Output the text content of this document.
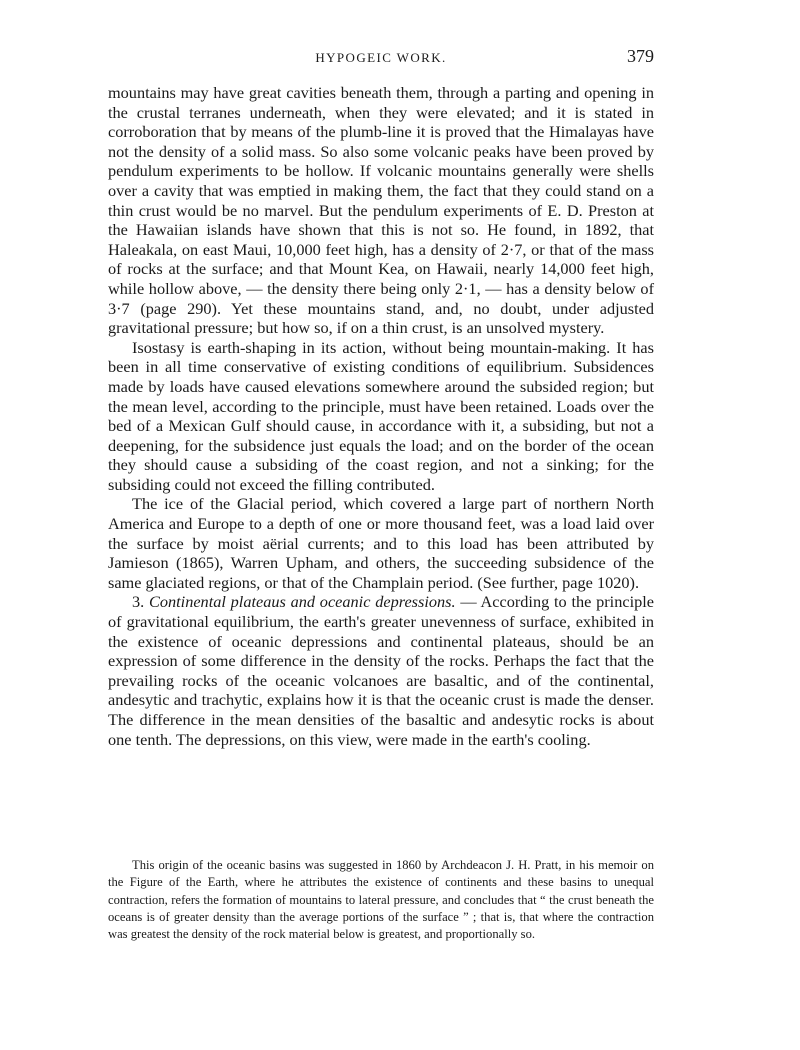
HYPOGEIC WORK.	379

mountains may have great cavities beneath them, through a parting and opening in the crustal terranes underneath, when they were elevated; and it is stated in corroboration that by means of the plumb-line it is proved that the Himalayas have not the density of a solid mass. So also some volcanic peaks have been proved by pendulum experiments to be hollow. If volcanic mountains generally were shells over a cavity that was emptied in making them, the fact that they could stand on a thin crust would be no marvel. But the pendulum experiments of E. D. Preston at the Hawaiian islands have shown that this is not so. He found, in 1892, that Haleakala, on east Maui, 10,000 feet high, has a density of 2·7, or that of the mass of rocks at the surface; and that Mount Kea, on Hawaii, nearly 14,000 feet high, while hollow above, — the density there being only 2·1, — has a density below of 3·7 (page 290). Yet these mountains stand, and, no doubt, under adjusted gravitational pressure; but how so, if on a thin crust, is an unsolved mystery.

Isostasy is earth-shaping in its action, without being mountain-making. It has been in all time conservative of existing conditions of equilibrium. Subsidences made by loads have caused elevations somewhere around the subsided region; but the mean level, according to the principle, must have been retained. Loads over the bed of a Mexican Gulf should cause, in accordance with it, a subsiding, but not a deepening, for the subsidence just equals the load; and on the border of the ocean they should cause a subsiding of the coast region, and not a sinking; for the subsiding could not exceed the filling contributed.

The ice of the Glacial period, which covered a large part of northern North America and Europe to a depth of one or more thousand feet, was a load laid over the surface by moist aërial currents; and to this load has been attributed by Jamieson (1865), Warren Upham, and others, the succeeding subsidence of the same glaciated regions, or that of the Champlain period. (See further, page 1020).

3. Continental plateaus and oceanic depressions. — According to the principle of gravitational equilibrium, the earth's greater unevenness of surface, exhibited in the existence of oceanic depressions and continental plateaus, should be an expression of some difference in the density of the rocks. Perhaps the fact that the prevailing rocks of the oceanic volcanoes are basaltic, and of the continental, andesytic and trachytic, explains how it is that the oceanic crust is made the denser. The difference in the mean densities of the basaltic and andesytic rocks is about one tenth. The depressions, on this view, were made in the earth's cooling.

This origin of the oceanic basins was suggested in 1860 by Archdeacon J. H. Pratt, in his memoir on the Figure of the Earth, where he attributes the existence of continents and these basins to unequal contraction, refers the formation of mountains to lateral pressure, and concludes that “ the crust beneath the oceans is of greater density than the average portions of the surface ” ; that is, that where the contraction was greatest the density of the rock material below is greatest, and proportionally so.
